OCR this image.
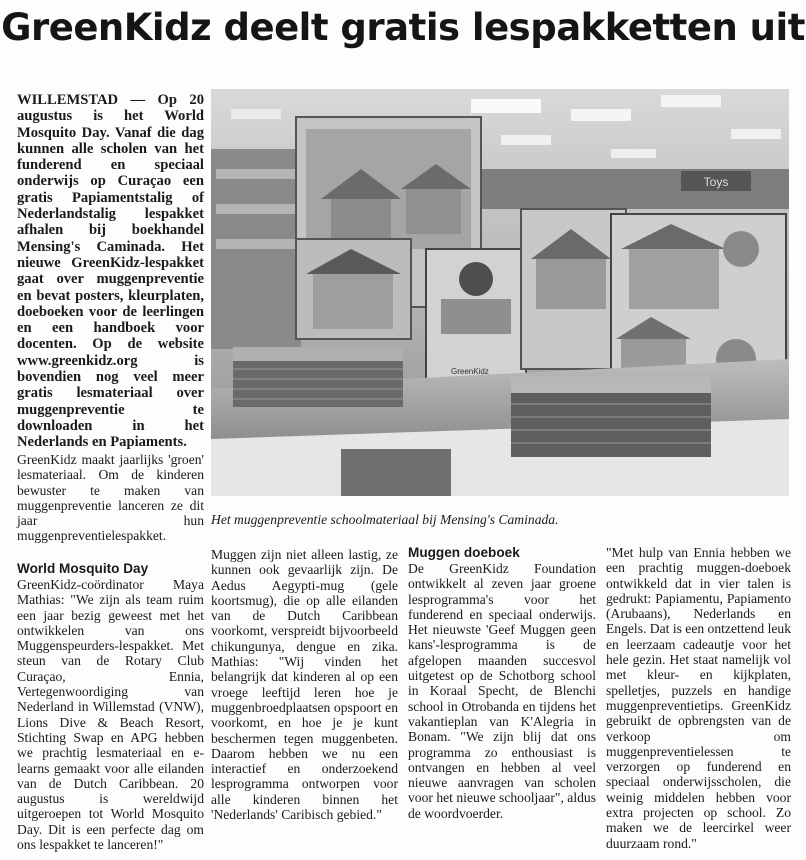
GreenKidz deelt gratis lespakketten uit

WILLEMSTAD — Op 20 augustus is het World Mosquito Day. Vanaf die dag kunnen alle scholen van het funderend en speciaal onderwijs op Curaçao een gratis Papiamentstalig of Nederlandstalig lespakket afhalen bij boekhandel Mensing's Caminada. Het nieuwe GreenKidz-lespakket gaat over muggenpreventie en bevat posters, kleurplaten, doeboeken voor de leerlingen en een handboek voor docenten. Op de website www.greenkidz.org is bovendien nog veel meer gratis lesmateriaal over muggenpreventie te downloaden in het Nederlands en Papiaments.

GreenKidz maakt jaarlijks 'groen' lesmateriaal. Om de kinderen bewuster te maken van muggenpreventie lanceren ze dit jaar hun muggenpreventielespakket.

World Mosquito Day

GreenKidz-coördinator Maya Mathias: "We zijn als team ruim een jaar bezig geweest met het ontwikkelen van ons Muggenspeurders-lespakket. Met steun van de Rotary Club Curaçao, Ennia, Vertegenwoordiging van Nederland in Willemstad (VNW), Lions Dive & Beach Resort, Stichting Swap en APG hebben we prachtig lesmateriaal en e-learns gemaakt voor alle eilanden van de Dutch Caribbean. 20 augustus is wereldwijd uitgeroepen tot World Mosquito Day. Dit is een perfecte dag om ons lespakket te lanceren!"

Toys
GreenKidz
Het muggenpreventie schoolmateriaal bij Mensing's Caminada.

Muggen zijn niet alleen lastig, ze kunnen ook gevaarlijk zijn. De Aedus Aegypti-mug (gele koortsmug), die op alle eilanden van de Dutch Caribbean voorkomt, verspreidt bijvoorbeeld chikungunya, dengue en zika. Mathias: "Wij vinden het belangrijk dat kinderen al op een vroege leeftijd leren hoe je muggenbroedplaatsen opspoort en voorkomt, en hoe je je kunt beschermen tegen muggenbeten. Daarom hebben we nu een interactief en onderzoekend lesprogramma ontworpen voor alle kinderen binnen het 'Nederlands' Caribisch gebied."

Muggen doeboek

De GreenKidz Foundation ontwikkelt al zeven jaar groene lesprogramma's voor het funderend en speciaal onderwijs. Het nieuwste 'Geef Muggen geen kans'-lesprogramma is de afgelopen maanden succesvol uitgetest op de Schotborg school in Koraal Specht, de Blenchi school in Otrobanda en tijdens het vakantieplan van K'Alegria in Bonam. "We zijn blij dat ons programma zo enthousiast is ontvangen en hebben al veel nieuwe aanvragen van scholen voor het nieuwe schooljaar", aldus de woordvoerder.

"Met hulp van Ennia hebben we een prachtig muggen-doeboek ontwikkeld dat in vier talen is gedrukt: Papiamentu, Papiamento (Arubaans), Nederlands en Engels. Dat is een ontzettend leuk en leerzaam cadeautje voor het hele gezin. Het staat namelijk vol met kleur- en kijkplaten, spelletjes, puzzels en handige muggenpreventietips. GreenKidz gebruikt de opbrengsten van de verkoop om muggenpreventielessen te verzorgen op funderend en speciaal onderwijsscholen, die weinig middelen hebben voor extra projecten op school. Zo maken we de leercirkel weer duurzaam rond."
